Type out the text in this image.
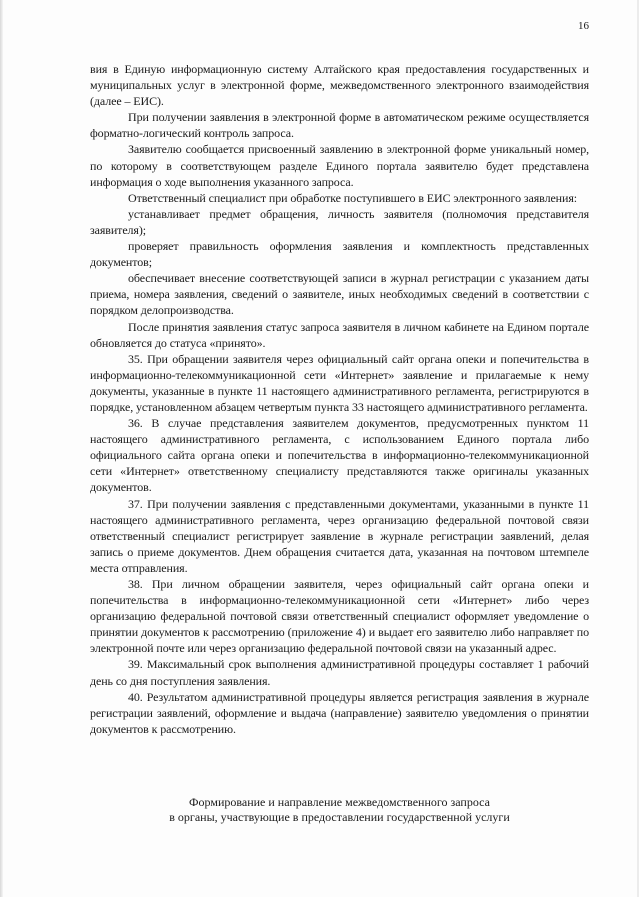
16

вия в Единую информационную систему Алтайского края предоставления государственных и муниципальных услуг в электронной форме, межведомственного электронного взаимодействия (далее – ЕИС).

При получении заявления в электронной форме в автоматическом режиме осуществляется форматно-логический контроль запроса.

Заявителю сообщается присвоенный заявлению в электронной форме уникальный номер, по которому в соответствующем разделе Единого портала заявителю будет представлена информация о ходе выполнения указанного запроса.

Ответственный специалист при обработке поступившего в ЕИС электронного заявления:

устанавливает предмет обращения, личность заявителя (полномочия представителя заявителя);

проверяет правильность оформления заявления и комплектность представленных документов;

обеспечивает внесение соответствующей записи в журнал регистрации с указанием даты приема, номера заявления, сведений о заявителе, иных необходимых сведений в соответствии с порядком делопроизводства.

После принятия заявления статус запроса заявителя в личном кабинете на Едином портале обновляется до статуса «принято».

35. При обращении заявителя через официальный сайт органа опеки и попечительства в информационно-телекоммуникационной сети «Интернет» заявление и прилагаемые к нему документы, указанные в пункте 11 настоящего административного регламента, регистрируются в порядке, установленном абзацем четвертым пункта 33 настоящего административного регламента.

36. В случае представления заявителем документов, предусмотренных пунктом 11 настоящего административного регламента, с использованием Единого портала либо официального сайта органа опеки и попечительства в информационно-телекоммуникационной сети «Интернет» ответственному специалисту представляются также оригиналы указанных документов.

37. При получении заявления с представленными документами, указанными в пункте 11 настоящего административного регламента, через организацию федеральной почтовой связи ответственный специалист регистрирует заявление в журнале регистрации заявлений, делая запись о приеме документов. Днем обращения считается дата, указанная на почтовом штемпеле места отправления.

38. При личном обращении заявителя, через официальный сайт органа опеки и попечительства в информационно-телекоммуникационной сети «Интернет» либо через организацию федеральной почтовой связи ответственный специалист оформляет уведомление о принятии документов к рассмотрению (приложение 4) и выдает его заявителю либо направляет по электронной почте или через организацию федеральной почтовой связи на указанный адрес.

39. Максимальный срок выполнения административной процедуры составляет 1 рабочий день со дня поступления заявления.

40. Результатом административной процедуры является регистрация заявления в журнале регистрации заявлений, оформление и выдача (направление) заявителю уведомления о принятии документов к рассмотрению.

Формирование и направление межведомственного запроса
в органы, участвующие в предоставлении государственной услуги
